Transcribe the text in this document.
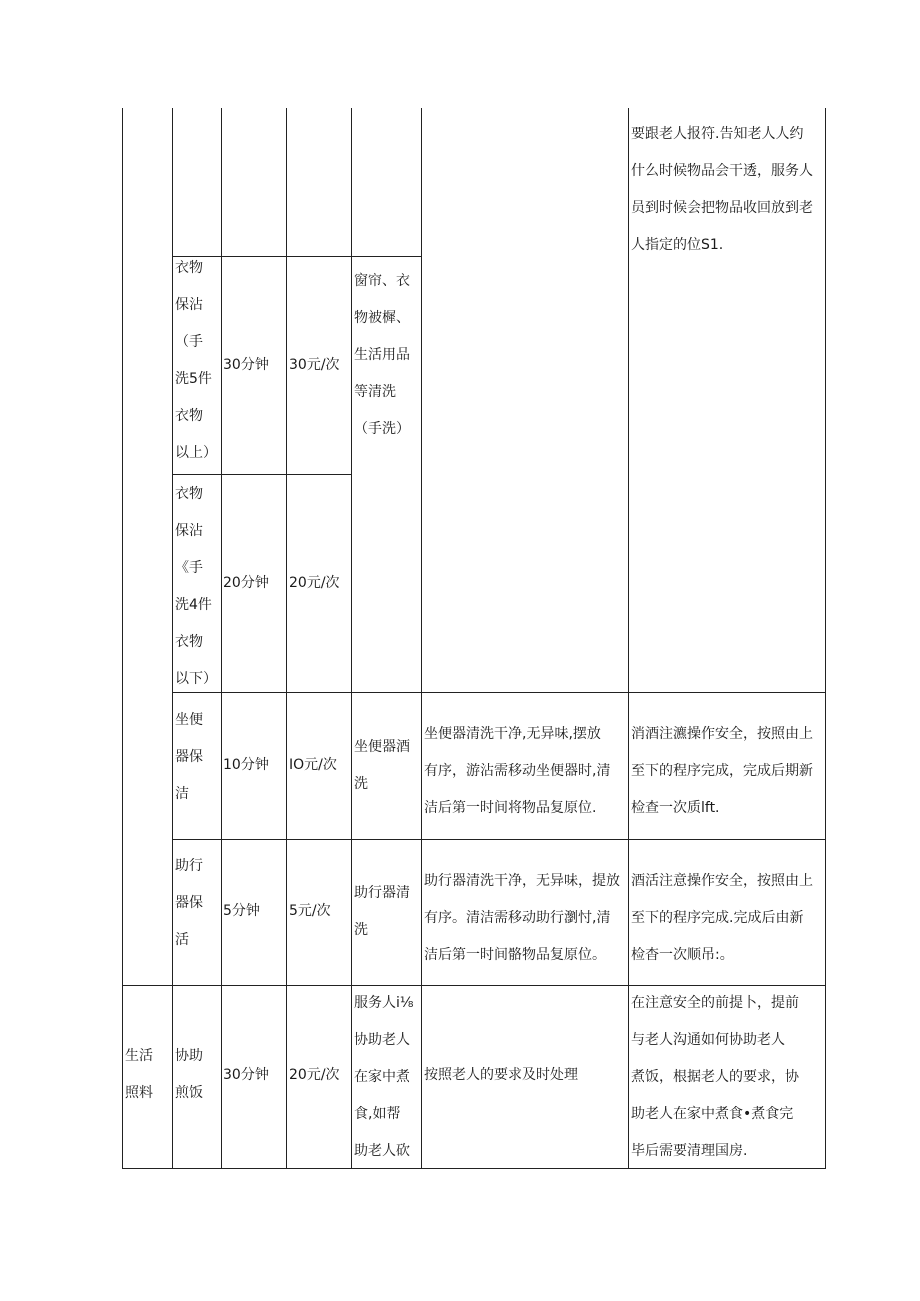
要跟老人报符.告知老人人约
什么时候物品会干透，服务人
员到时候会把物品收回放到老
人指定的位S1.
衣物
保沾
（手
洗5件
衣物
以上）
30分钟 30元/次
窗帘、衣
物被樨、
生活用品
等清洗
（手洗）
衣物
保沾
《手
洗4件
衣物
以下）
20分钟 20元/次
坐便
器保
洁
10分钟 IO元/次
坐便器酒
洗
坐便器清洗干净,无异味,摆放
有序，游沾需移动坐便器时,清
洁后第一时间将物品复原位.
消酒注瀌操作安全，按照由上
至下的程序完成，完成后期新
检查一次质lft.
助行
器保
活
5分钟 5元/次
助行器清
洗
助行器清洗干净，无异味，提放
有序。清洁需移动助行瀏忖,清
洁后第一时间骼物品复原位。
酒活注意操作安全，按照由上
至下的程序完成.完成后由新
检杳一次顺吊:。
生活
照料
协助
煎饭
30分钟 20元/次
服务人i⅛
协助老人
在家中煮
食,如帮
助老人砍
按照老人的要求及时处理
在注意安全的前提卜，提前
与老人沟通如何协助老人
煮饭，根据老人的要求，协
助老人在家中煮食•煮食完
毕后需要清理国房.
